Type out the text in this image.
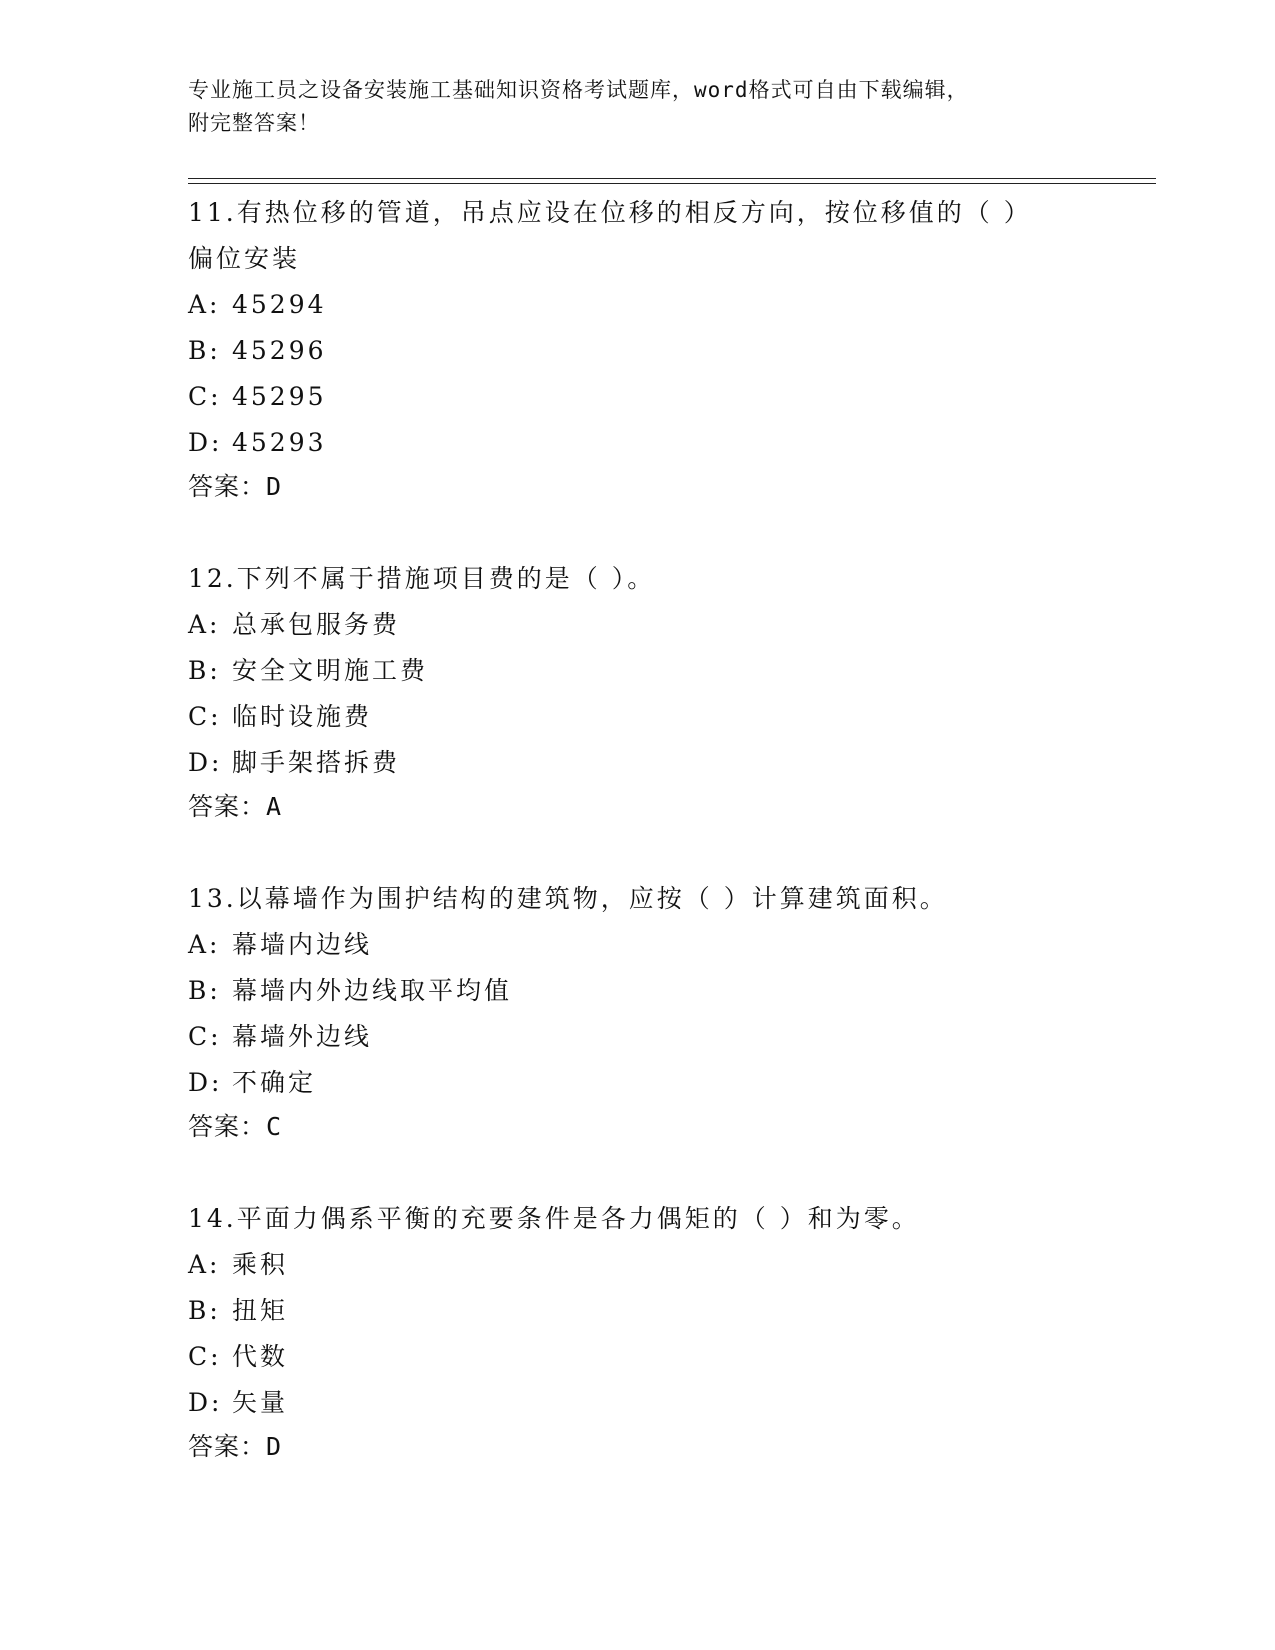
专业施工员之设备安装施工基础知识资格考试题库，word格式可自由下载编辑，
附完整答案！

11.有热位移的管道，吊点应设在位移的相反方向，按位移值的（ ）

偏位安装

A: 45294

B: 45296

C: 45295

D: 45293

答案：D

12.下列不属于措施项目费的是（ ）。

A: 总承包服务费

B: 安全文明施工费

C: 临时设施费

D: 脚手架搭拆费

答案：A

13.以幕墙作为围护结构的建筑物，应按（ ）计算建筑面积。

A: 幕墙内边线

B: 幕墙内外边线取平均值

C: 幕墙外边线

D: 不确定

答案：C

14.平面力偶系平衡的充要条件是各力偶矩的（ ）和为零。

A: 乘积

B: 扭矩

C: 代数

D: 矢量

答案：D
